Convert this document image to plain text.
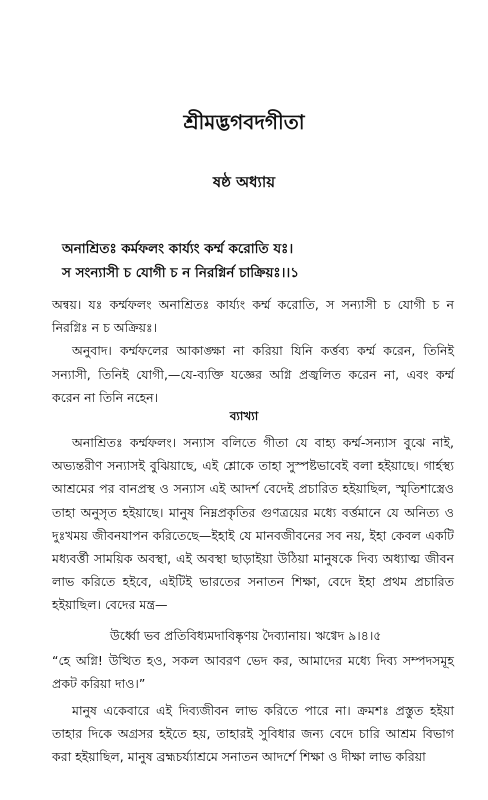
শ্রীমদ্ভগবদগীতা
ষষ্ঠ অধ্যায়
অনাশ্রিতঃ কর্মফলং কার্য্যং কর্ম্ম করোতি যঃ।
স সংন্যাসী চ যোগী চ ন নিরগ্নির্ন চাক্রিয়ঃ।।১

অন্বয়। যঃ কর্ম্মফলং অনাশ্রিতঃ কার্য্যং কর্ম্ম করোতি, স সন্যাসী চ যোগী চ ন নিরগ্নিঃ ন চ অক্রিয়ঃ।

অনুবাদ। কর্ম্মফলের আকাঙ্ক্ষা না করিয়া যিনি কর্ত্তব্য কর্ম্ম করেন, তিনিই সন্যাসী, তিনিই যোগী,—যে-ব্যক্তি যজ্ঞের অগ্নি প্রজ্বলিত করেন না, এবং কর্ম্ম করেন না তিনি নহেন।

ব্যাখ্যা
অনাশ্রিতঃ কর্ম্মফলং। সন্যাস বলিতে গীতা যে বাহ্য কর্ম্ম-সন্যাস বুঝে নাই, অভ্যন্তরীণ সন্যাসই বুঝিয়াছে, এই শ্লোকে তাহা সুস্পষ্টভাবেই বলা হইয়াছে। গার্হস্থ্য আশ্রমের পর বানপ্রস্থ ও সন্যাস এই আদর্শ বেদেই প্রচারিত হইয়াছিল, স্মৃতিশাস্ত্রেও তাহা অনুসৃত হইয়াছে। মানুষ নিম্নপ্রকৃতির গুণত্রয়ের মধ্যে বর্ত্তমানে যে অনিত্য ও দুঃখময় জীবনযাপন করিতেছে—ইহাই যে মানবজীবনের সব নয়, ইহা কেবল একটি মধ্যবর্ত্তী সাময়িক অবস্থা, এই অবস্থা ছাড়াইয়া উঠিয়া মানুষকে দিব্য অধ্যাত্ম জীবন লাভ করিতে হইবে, এইটিই ভারতের সনাতন শিক্ষা, বেদে ইহা প্রথম প্রচারিত হইয়াছিল। বেদের মন্ত্র—
উর্ধ্বো ভব প্রতিবিধ্যমদাবিষ্কৃণয় দৈব্যানায়। ঋগ্বেদ ৯।৪।৫
“হে অগ্নি! উত্থিত হও, সকল আবরণ ভেদ কর, আমাদের মধ্যে দিব্য সম্পদসমূহ প্রকট করিয়া দাও।”
মানুষ একেবারে এই দিব্যজীবন লাভ করিতে পারে না। ক্রমশঃ প্রস্তুত হইয়া তাহার দিকে অগ্রসর হইতে হয়, তাহারই সুবিধার জন্য বেদে চারি আশ্রম বিভাগ করা হইয়াছিল, মানুষ ব্রহ্মচর্য্যাশ্রমে সনাতন আদর্শে শিক্ষা ও দীক্ষা লাভ করিয়া
